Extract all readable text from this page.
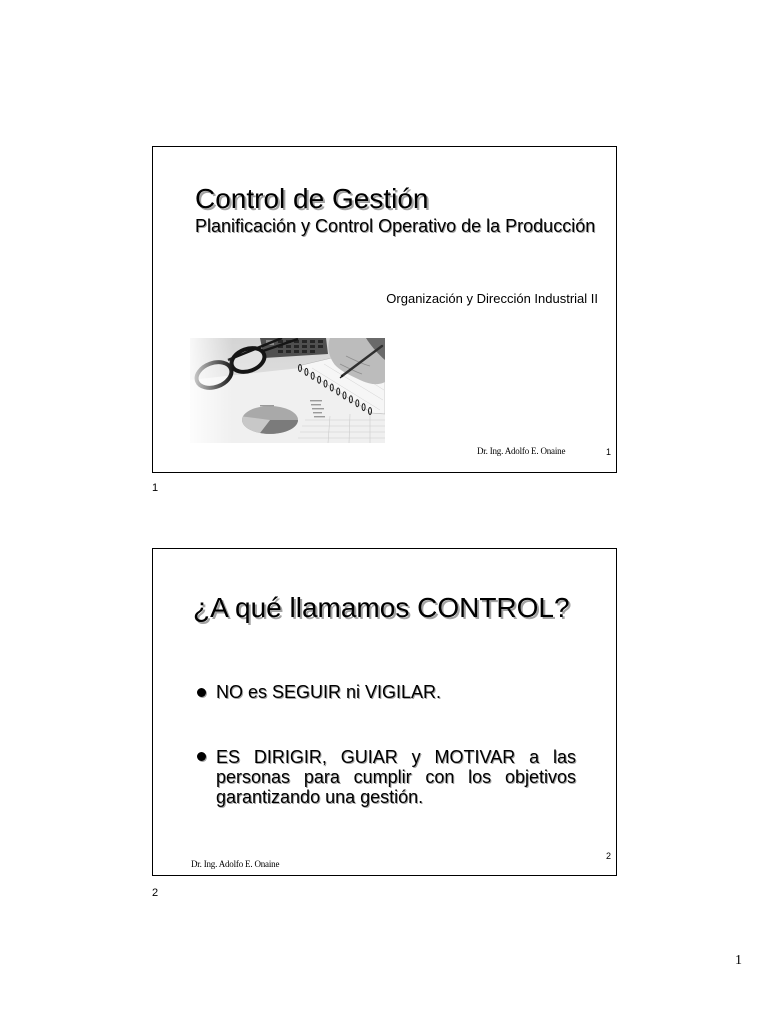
Control de Gestión
Planificación y Control Operativo de la Producción
Organización y Dirección Industrial II
Dr. Ing. Adolfo E. Onaine	1
1
¿A qué llamamos CONTROL?
NO es SEGUIR ni VIGILAR.
ES DIRIGIR, GUIAR y MOTIVAR a las personas para cumplir con los objetivos garantizando una gestión.
2
Dr. Ing. Adolfo E. Onaine
2
1
